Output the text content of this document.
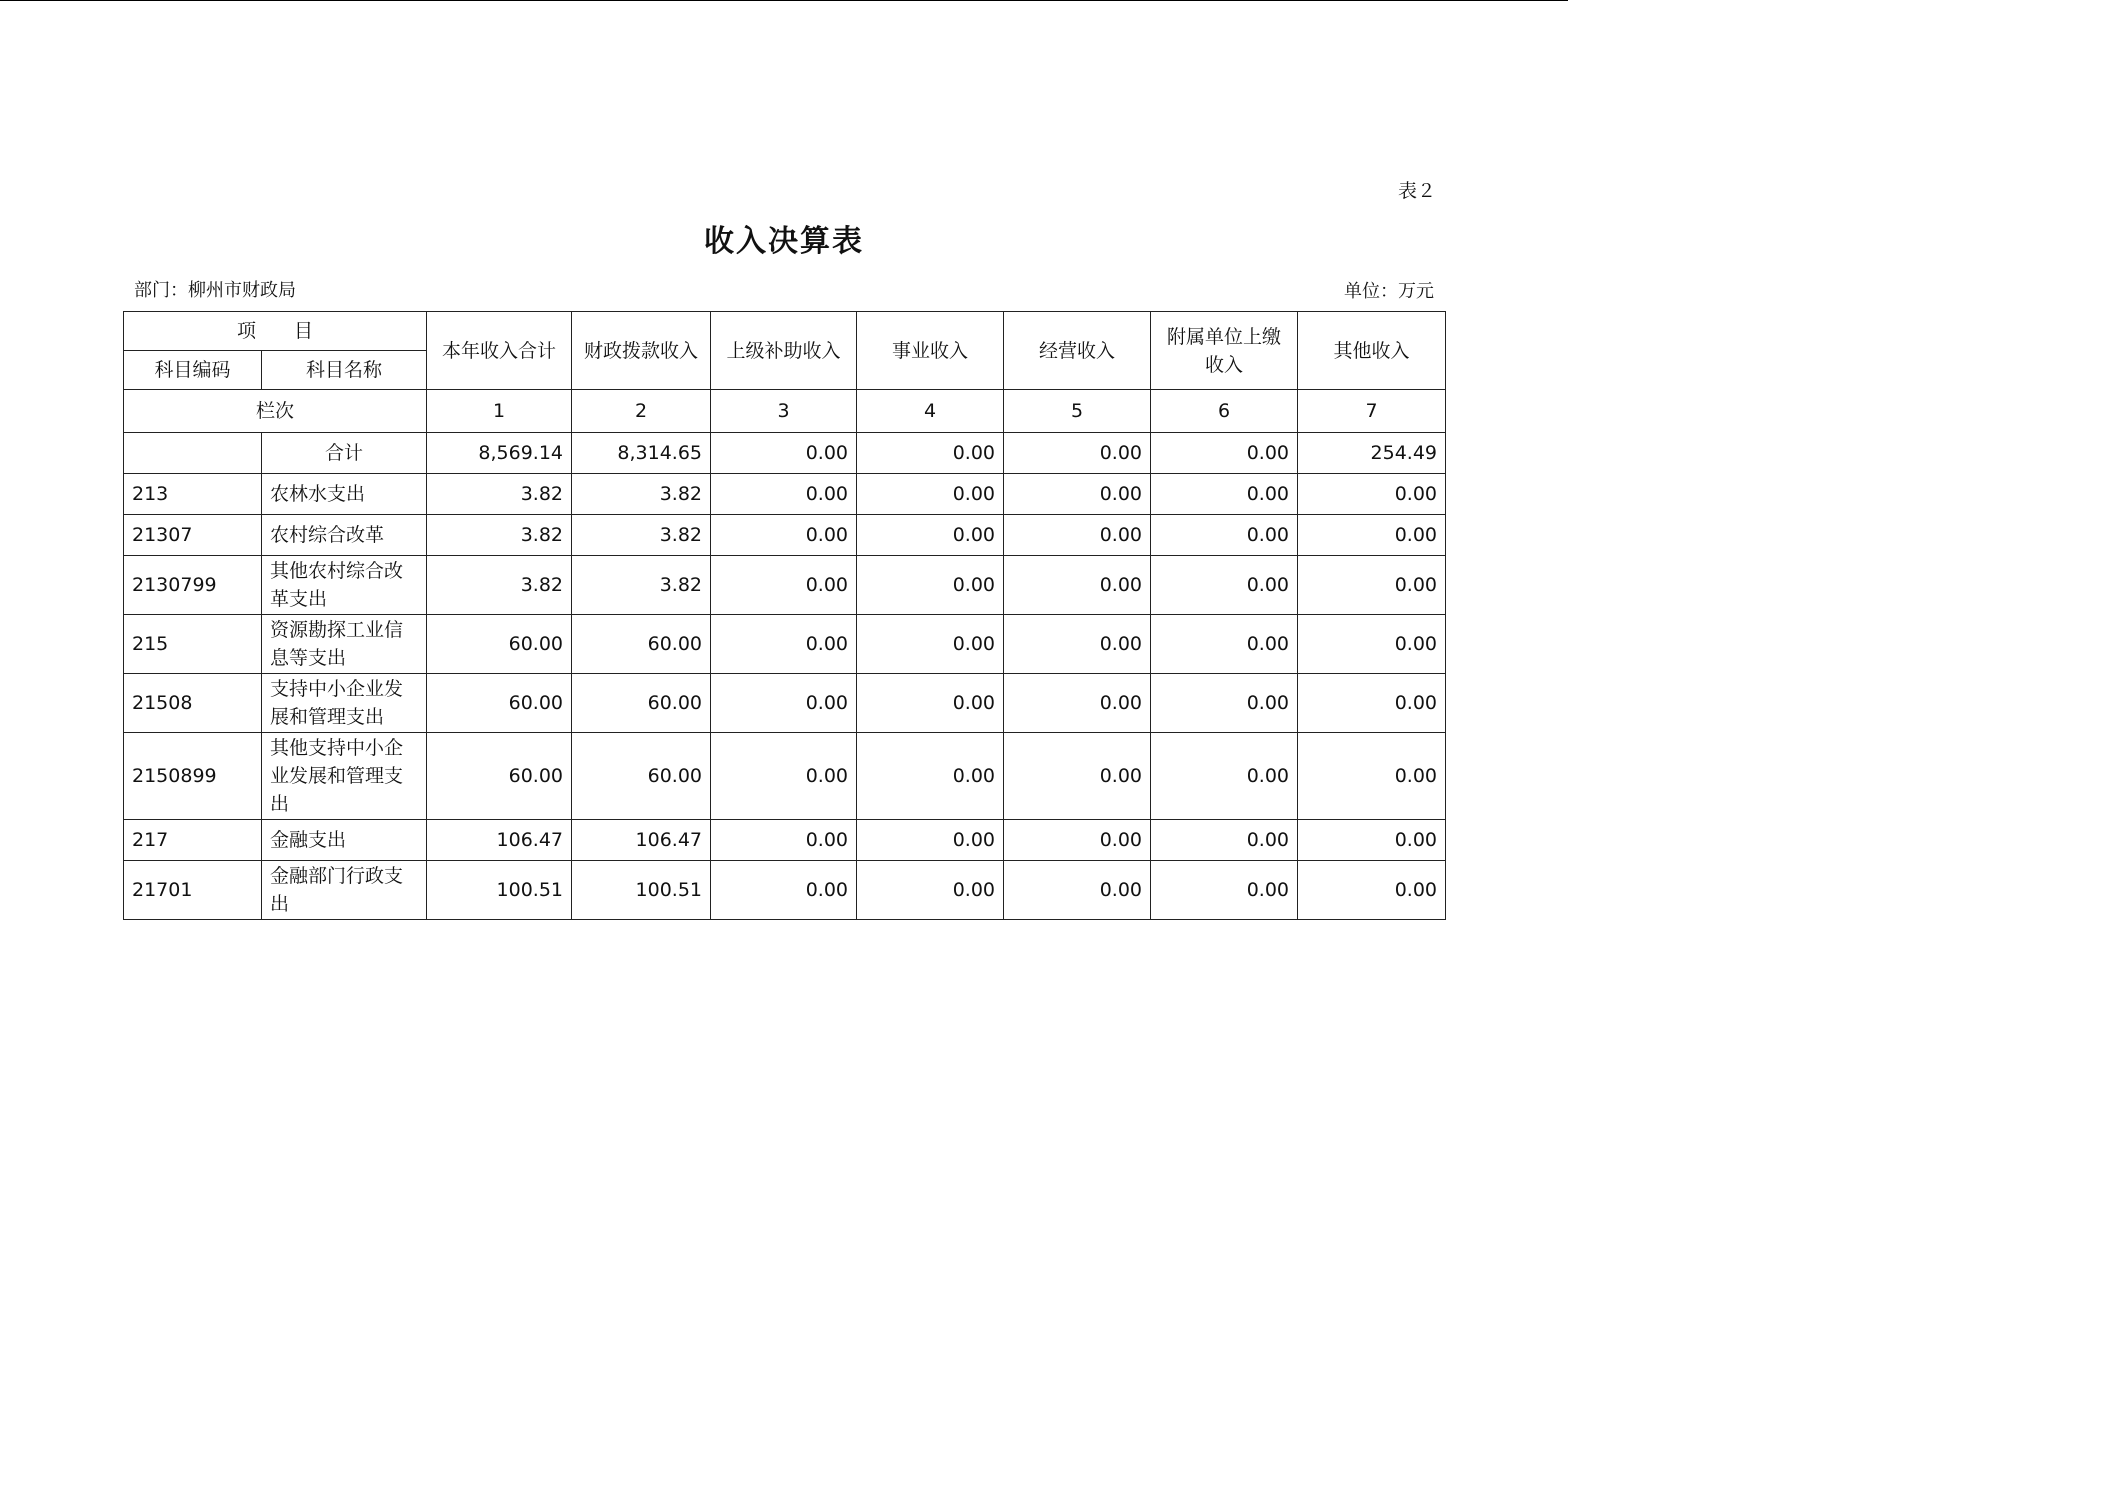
表２
收入决算表
部门：柳州市财政局	单位：万元
项　　目		本年收入合计	财政拨款收入	上级补助收入	事业收入	经营收入	附属单位上缴收入	其他收入
科目编码	科目名称							
栏次		1	2	3	4	5	6	7
	合计	8,569.14	8,314.65	0.00	0.00	0.00	0.00	254.49
213	农林水支出	3.82	3.82	0.00	0.00	0.00	0.00	0.00
21307	农村综合改革	3.82	3.82	0.00	0.00	0.00	0.00	0.00
2130799	其他农村综合改革支出	3.82	3.82	0.00	0.00	0.00	0.00	0.00
215	资源勘探工业信息等支出	60.00	60.00	0.00	0.00	0.00	0.00	0.00
21508	支持中小企业发展和管理支出	60.00	60.00	0.00	0.00	0.00	0.00	0.00
2150899	其他支持中小企业发展和管理支出	60.00	60.00	0.00	0.00	0.00	0.00	0.00
217	金融支出	106.47	106.47	0.00	0.00	0.00	0.00	0.00
21701	金融部门行政支出	100.51	100.51	0.00	0.00	0.00	0.00	0.00
